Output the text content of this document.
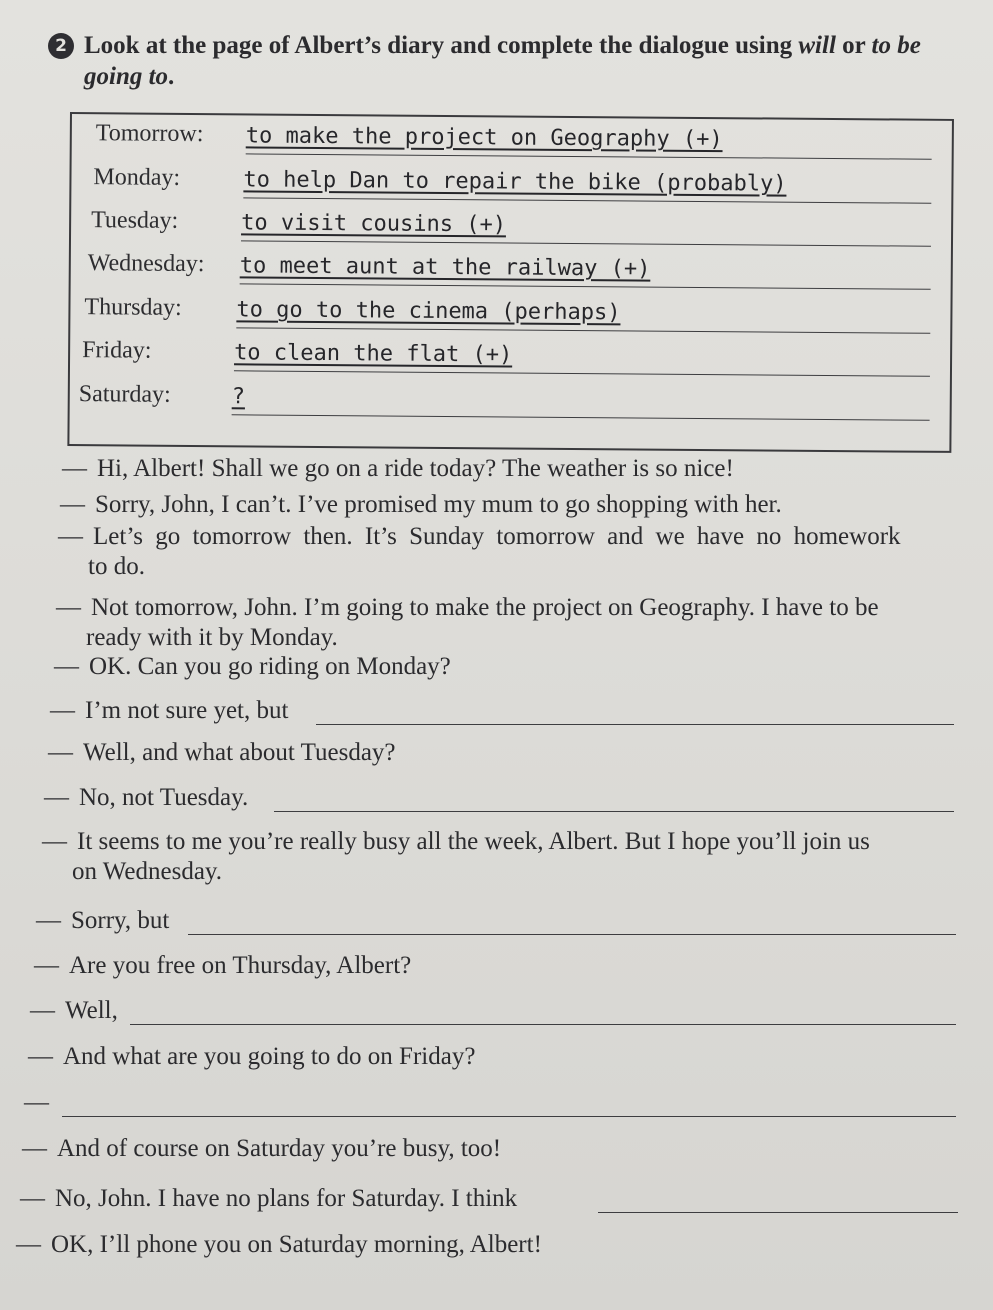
2 Look at the page of Albert’s diary and complete the dialogue using will or to be
going to.
Tomorrow: to make the project on Geography (+)
Monday:	to help Dan to repair the bike (probably)
Tuesday:	to visit cousins (+)
Wednesday: to meet aunt at the railway (+)
Thursday: to go to the cinema (perhaps)
Friday:	to clean the flat (+)
Saturday:	?
— Hi, Albert! Shall we go on a ride today? The weather is so nice!
— Sorry, John, I can’t. I’ve promised my mum to go shopping with her.
— Let’s go tomorrow then. It’s Sunday tomorrow and we have no homework
to do.
— Not tomorrow, John. I’m going to make the project on Geography. I have to be
ready with it by Monday.
— OK. Can you go riding on Monday?
— I’m not sure yet, but
— Well, and what about Tuesday?
— No, not Tuesday.
— It seems to me you’re really busy all the week, Albert. But I hope you’ll join us
on Wednesday.
— Sorry, but
— Are you free on Thursday, Albert?
— Well,
— And what are you going to do on Friday?
—
— And of course on Saturday you’re busy, too!
— No, John. I have no plans for Saturday. I think
— OK, I’ll phone you on Saturday morning, Albert!
